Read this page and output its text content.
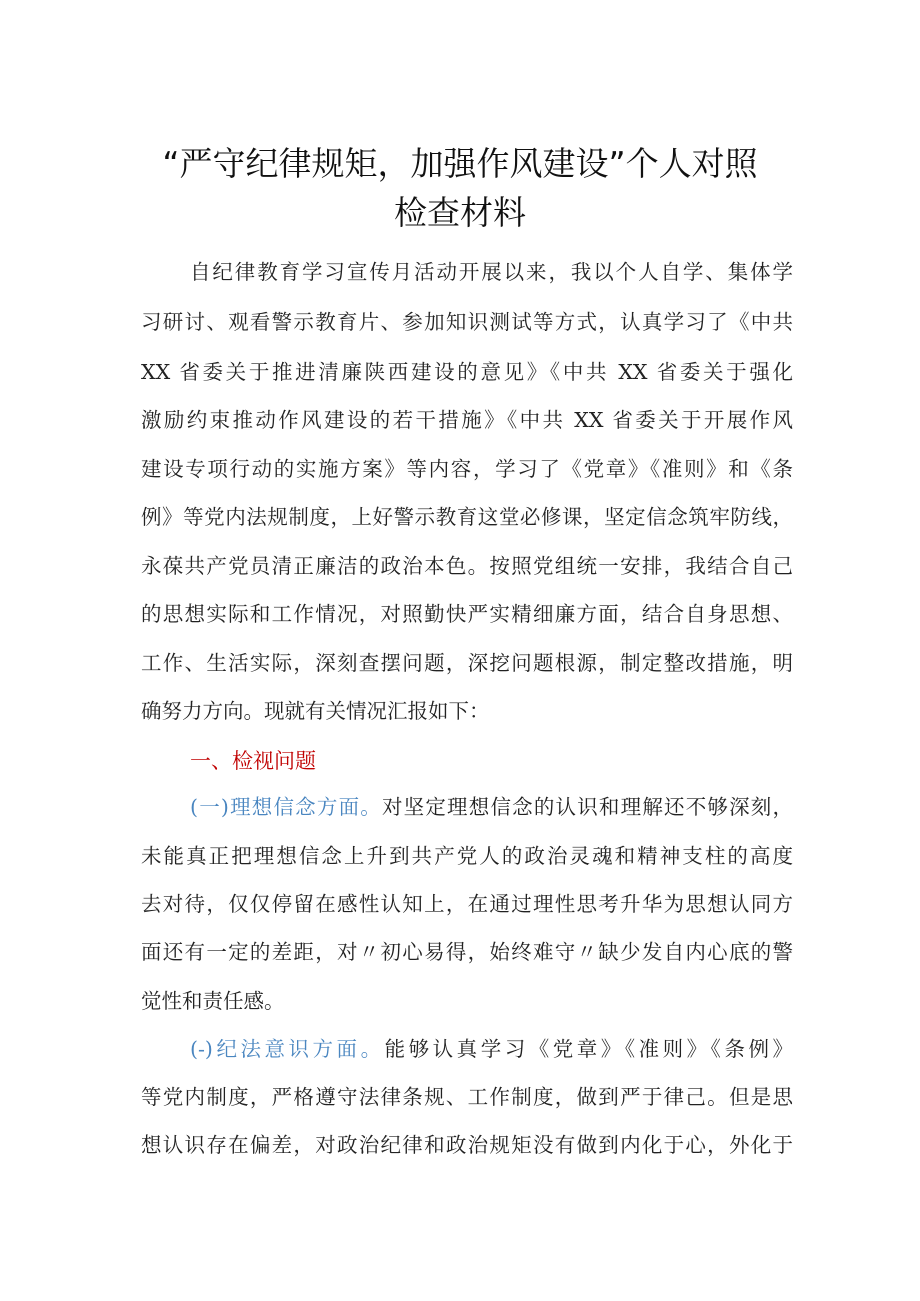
“严守纪律规矩，加强作风建设”个人对照
检查材料
自纪律教育学习宣传月活动开展以来，我以个人自学、集体学
习研讨、观看警示教育片、参加知识测试等方式，认真学习了《中共
XX 省委关于推进清廉陕西建设的意见》《中共 XX 省委关于强化
激励约束推动作风建设的若干措施》《中共 XX 省委关于开展作风
建设专项行动的实施方案》等内容，学习了《党章》《准则》和《条
例》等党内法规制度，上好警示教育这堂必修课，坚定信念筑牢防线，
永葆共产党员清正廉洁的政治本色。按照党组统一安排，我结合自己
的思想实际和工作情况，对照勤快严实精细廉方面，结合自身思想、
工作、生活实际，深刻查摆问题，深挖问题根源，制定整改措施，明
确努力方向。现就有关情况汇报如下：
一、检视问题
(一)理想信念方面。对坚定理想信念的认识和理解还不够深刻，
未能真正把理想信念上升到共产党人的政治灵魂和精神支柱的高度
去对待，仅仅停留在感性认知上，在通过理性思考升华为思想认同方
面还有一定的差距，对〃初心易得，始终难守〃缺少发自内心底的警
觉性和责任感。
(-)纪法意识方面。能够认真学习《党章》《准则》《条例》
等党内制度，严格遵守法律条规、工作制度，做到严于律己。但是思
想认识存在偏差，对政治纪律和政治规矩没有做到内化于心，外化于
